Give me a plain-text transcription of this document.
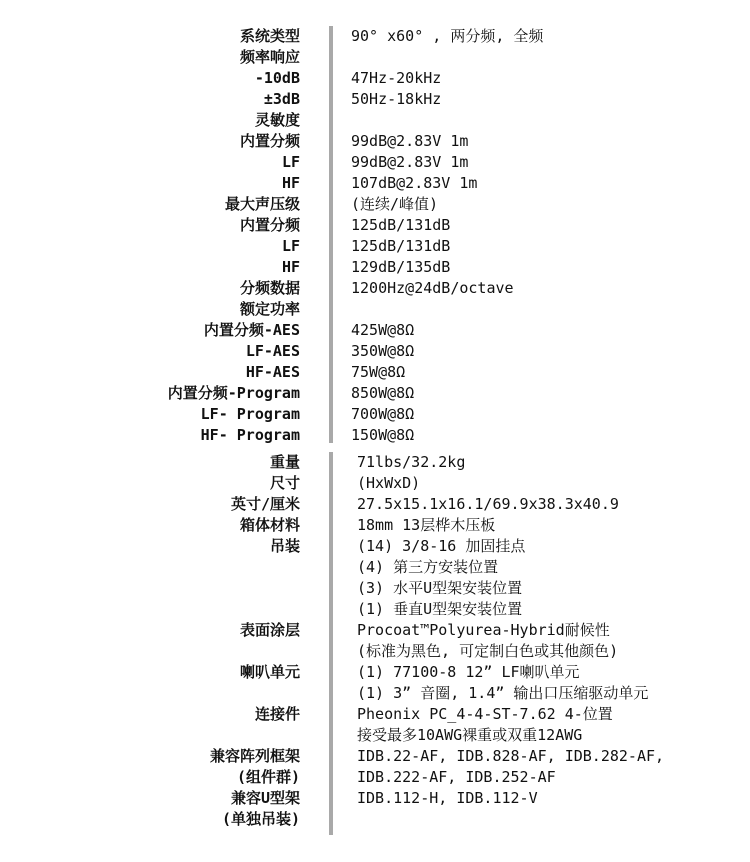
系统类型	90° x60° , 两分频, 全频
频率响应
-10dB	47Hz-20kHz
±3dB	50Hz-18kHz
灵敏度
内置分频	99dB@2.83V 1m
LF	99dB@2.83V 1m
HF	107dB@2.83V 1m
最大声压级	(连续/峰值)
内置分频	125dB/131dB
LF	125dB/131dB
HF	129dB/135dB
分频数据	1200Hz@24dB/octave
额定功率
内置分频-AES	425W@8Ω
LF-AES	350W@8Ω
HF-AES	75W@8Ω
内置分频-Program	850W@8Ω
LF- Program	700W@8Ω
HF- Program	150W@8Ω
重量	71lbs/32.2kg
尺寸	(HxWxD)
英寸/厘米	27.5x15.1x16.1/69.9x38.3x40.9
箱体材料	18mm 13层桦木压板
吊装	(14) 3/8-16 加固挂点
(4) 第三方安装位置
(3) 水平U型架安装位置
(1) 垂直U型架安装位置
表面涂层	Procoat™Polyurea-Hybrid耐候性
(标准为黑色, 可定制白色或其他颜色)
喇叭单元	(1) 77100-8 12” LF喇叭单元
(1) 3” 音圈, 1.4” 输出口压缩驱动单元
连接件	Pheonix PC_4-4-ST-7.62 4-位置
接受最多10AWG裸重或双重12AWG
兼容阵列框架	IDB.22-AF, IDB.828-AF, IDB.282-AF,
(组件群)	IDB.222-AF, IDB.252-AF
兼容U型架	IDB.112-H, IDB.112-V
(单独吊装)
